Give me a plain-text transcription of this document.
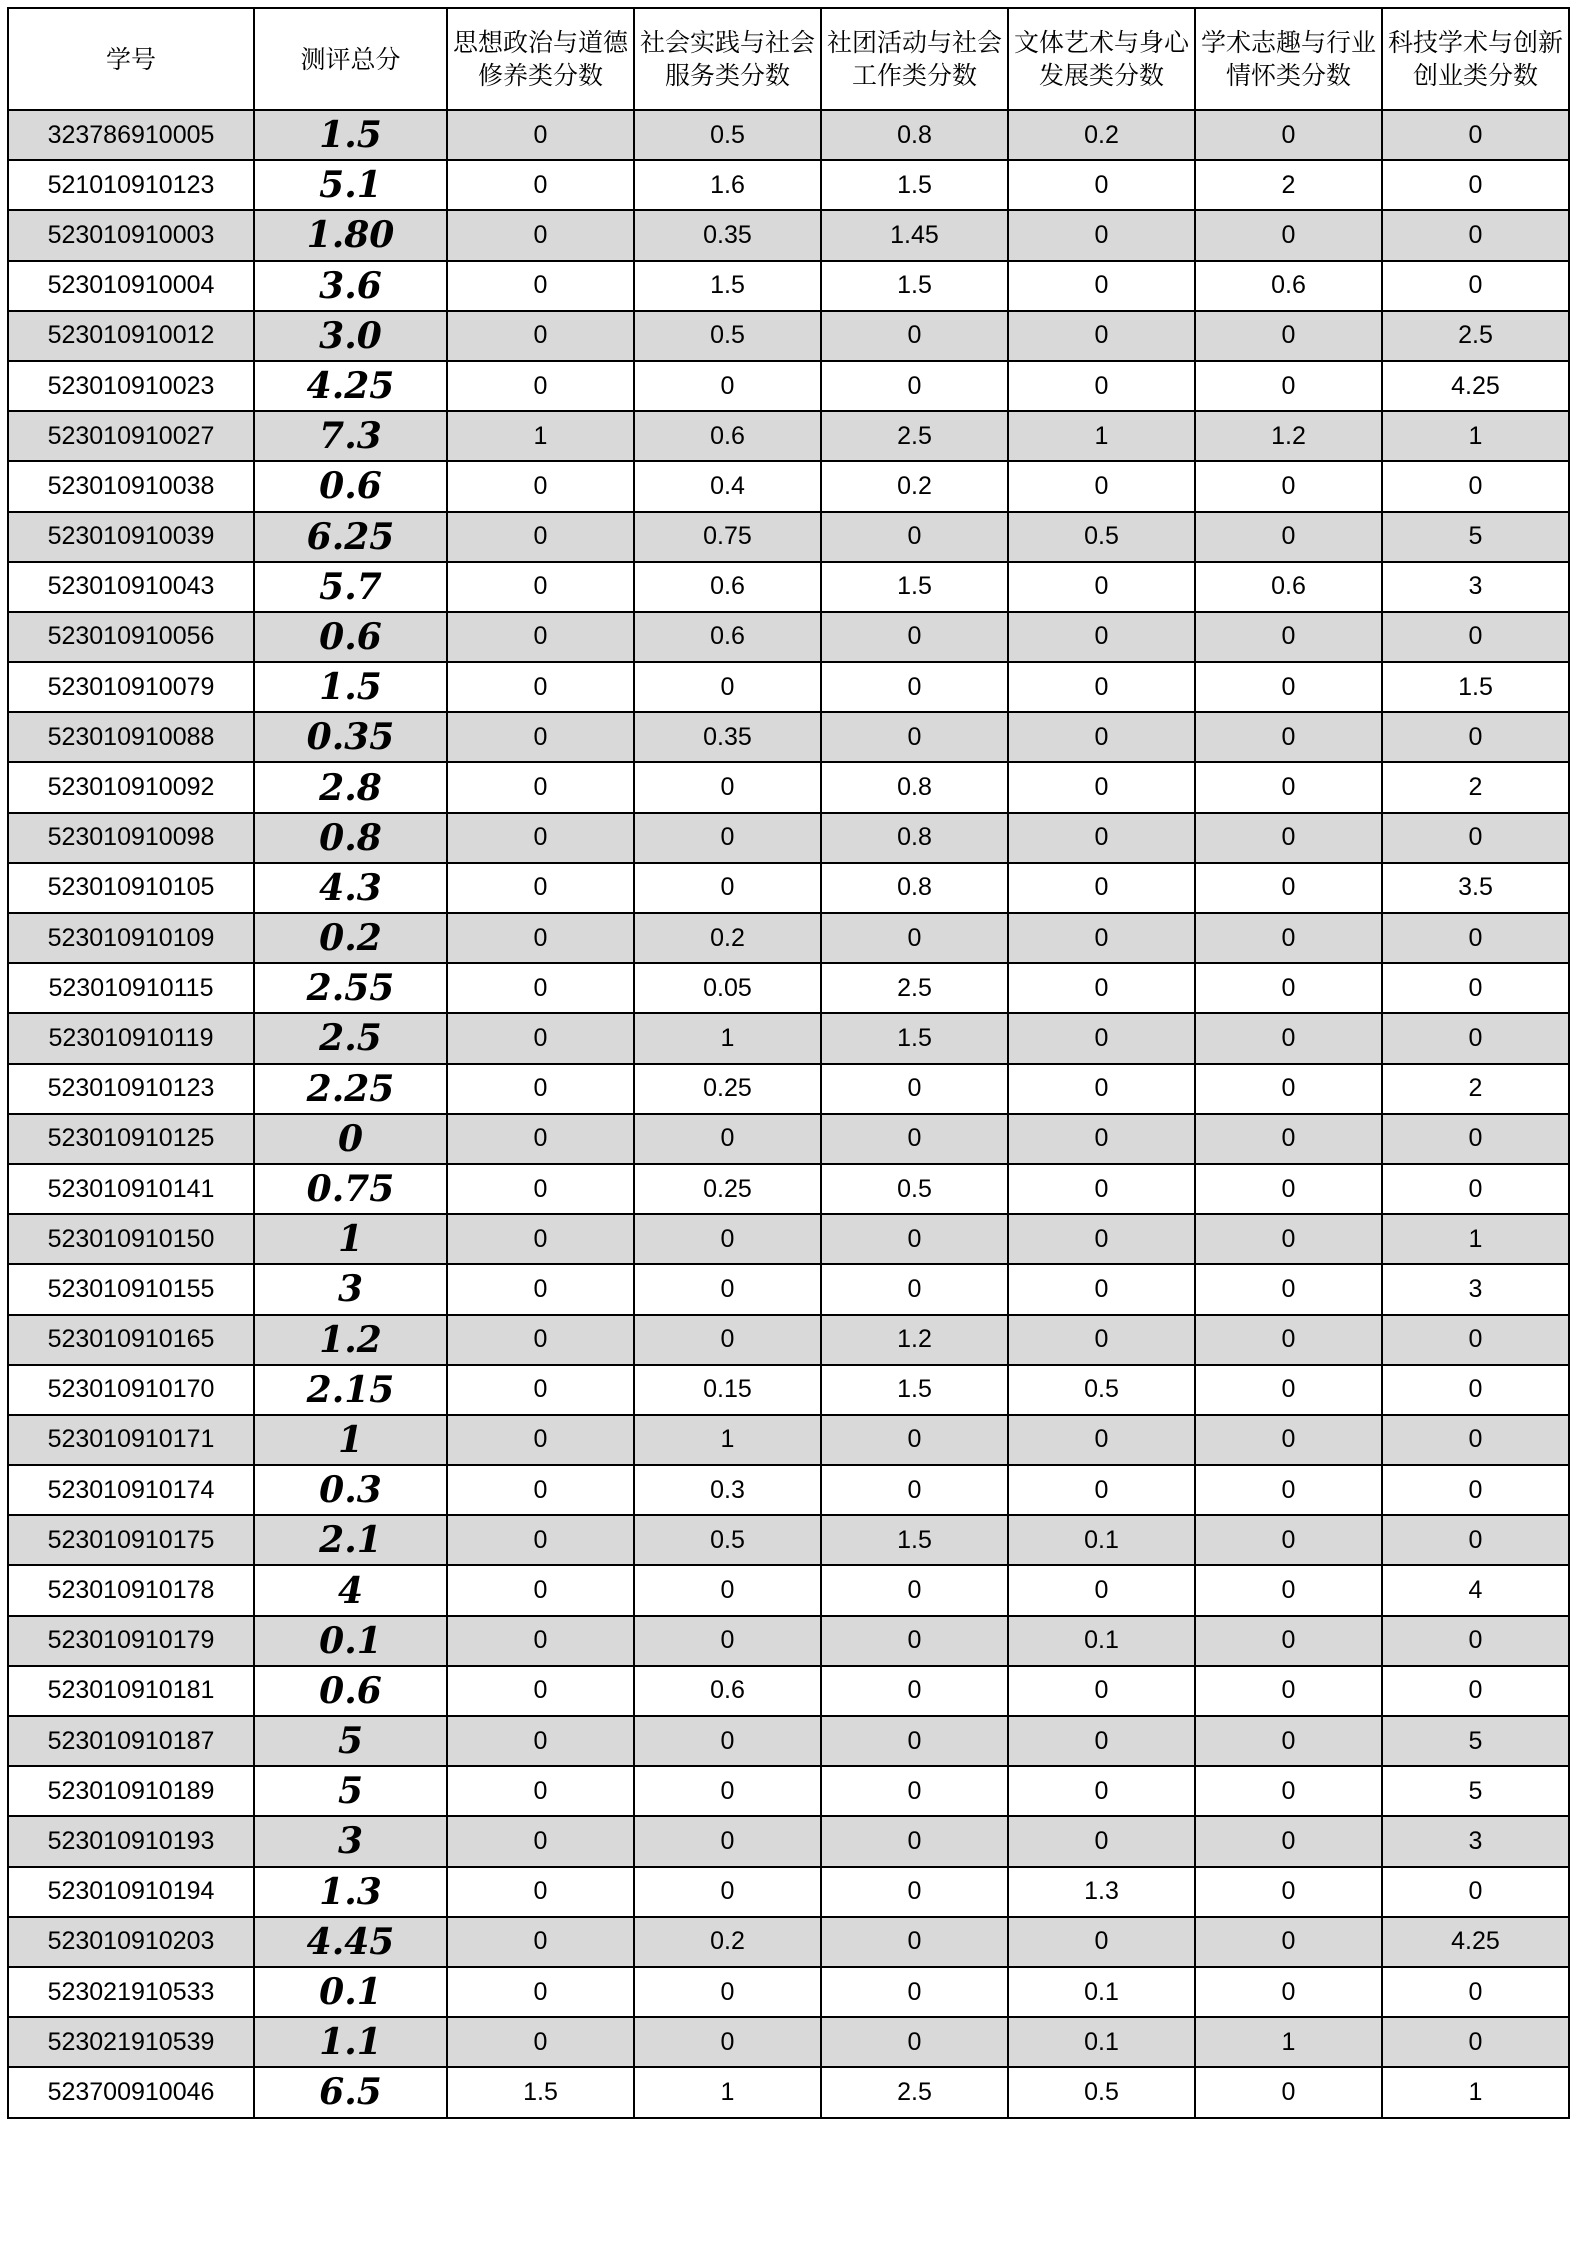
学号	测评总分	思想政治与道德修养类分数	社会实践与社会服务类分数	社团活动与社会工作类分数	文体艺术与身心发展类分数	学术志趣与行业情怀类分数	科技学术与创新创业类分数
323786910005	1.5	0	0.5	0.8	0.2	0	0
521010910123	5.1	0	1.6	1.5	0	2	0
523010910003	1.80	0	0.35	1.45	0	0	0
523010910004	3.6	0	1.5	1.5	0	0.6	0
523010910012	3.0	0	0.5	0	0	0	2.5
523010910023	4.25	0	0	0	0	0	4.25
523010910027	7.3	1	0.6	2.5	1	1.2	1
523010910038	0.6	0	0.4	0.2	0	0	0
523010910039	6.25	0	0.75	0	0.5	0	5
523010910043	5.7	0	0.6	1.5	0	0.6	3
523010910056	0.6	0	0.6	0	0	0	0
523010910079	1.5	0	0	0	0	0	1.5
523010910088	0.35	0	0.35	0	0	0	0
523010910092	2.8	0	0	0.8	0	0	2
523010910098	0.8	0	0	0.8	0	0	0
523010910105	4.3	0	0	0.8	0	0	3.5
523010910109	0.2	0	0.2	0	0	0	0
523010910115	2.55	0	0.05	2.5	0	0	0
523010910119	2.5	0	1	1.5	0	0	0
523010910123	2.25	0	0.25	0	0	0	2
523010910125	0	0	0	0	0	0	0
523010910141	0.75	0	0.25	0.5	0	0	0
523010910150	1	0	0	0	0	0	1
523010910155	3	0	0	0	0	0	3
523010910165	1.2	0	0	1.2	0	0	0
523010910170	2.15	0	0.15	1.5	0.5	0	0
523010910171	1	0	1	0	0	0	0
523010910174	0.3	0	0.3	0	0	0	0
523010910175	2.1	0	0.5	1.5	0.1	0	0
523010910178	4	0	0	0	0	0	4
523010910179	0.1	0	0	0	0.1	0	0
523010910181	0.6	0	0.6	0	0	0	0
523010910187	5	0	0	0	0	0	5
523010910189	5	0	0	0	0	0	5
523010910193	3	0	0	0	0	0	3
523010910194	1.3	0	0	0	1.3	0	0
523010910203	4.45	0	0.2	0	0	0	4.25
523021910533	0.1	0	0	0	0.1	0	0
523021910539	1.1	0	0	0	0.1	1	0
523700910046	6.5	1.5	1	2.5	0.5	0	1
